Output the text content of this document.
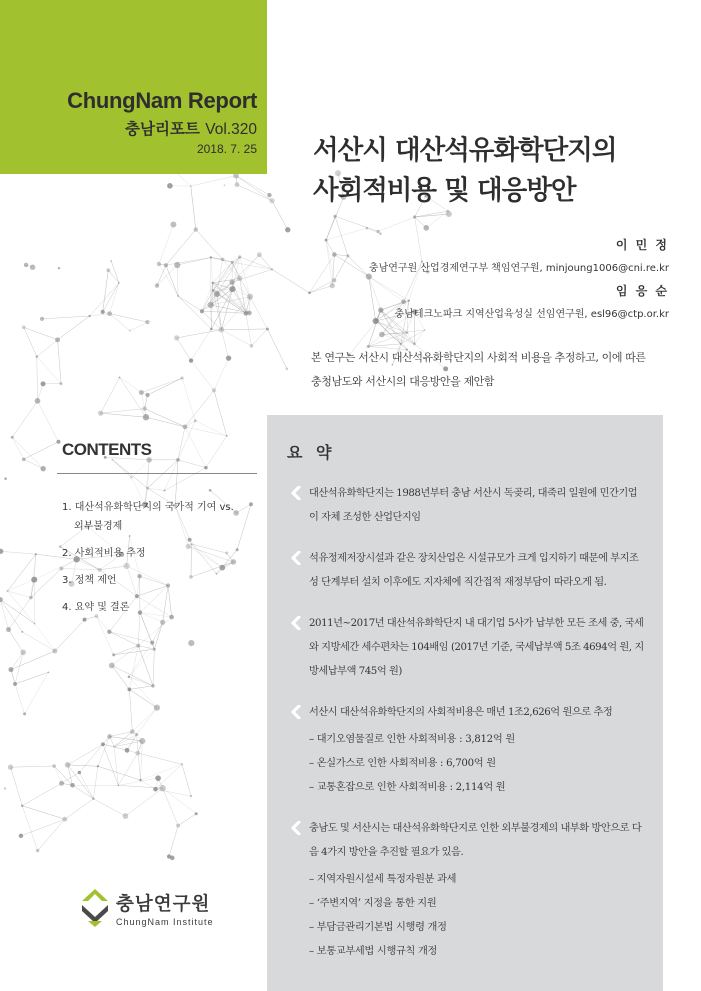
ChungNam Report
충남리포트 Vol.320
2018. 7. 25 서산시 대산석유화학단지의
사회적비용 및 대응방안
이 민 정
충남연구원 산업경제연구부 책임연구원, minjoung1006@cni.re.kr
임 응 순
충남테크노파크 지역산업육성실 선임연구원, esl96@ctp.or.kr
본 연구는 서산시 대산석유화학단지의 사회적 비용을 추정하고, 이에 따른
충청남도와 서산시의 대응방안을 제안함
CONTENTS
1. 대산석유화학단지의 국가적 기여 vs.
외부불경제
2. 사회적비용 추정
3. 정책 제언
4. 요약 및 결론
요 약
대산석유화학단지는 1988년부터 충남 서산시 독곶리, 대죽리 일원에 민간기업이 자체 조성한 산업단지임
석유정제저장시설과 같은 장치산업은 시설규모가 크게 입지하기 때문에 부지조성 단계부터 설치 이후에도 지자체에 직간접적 재정부담이 따라오게 됨.
2011년~2017년 대산석유화학단지 내 대기업 5사가 납부한 모든 조세 중, 국세와 지방세간 세수편차는 104배임 (2017년 기준, 국세납부액 5조 4694억 원, 지방세납부액 745억 원)
서산시 대산석유화학단지의 사회적비용은 매년 1조2,626억 원으로 추정
– 대기오염물질로 인한 사회적비용 : 3,812억 원
– 온실가스로 인한 사회적비용 : 6,700억 원
– 교통혼잡으로 인한 사회적비용 : 2,114억 원
충남도 및 서산시는 대산석유화학단지로 인한 외부불경제의 내부화 방안으로 다음 4가지 방안을 추진할 필요가 있음.
– 지역자원시설세 특정자원분 과세
– ‘주변지역’ 지정을 통한 지원
– 부담금관리기본법 시행령 개정
– 보통교부세법 시행규칙 개정
충남연구원
ChungNam Institute
